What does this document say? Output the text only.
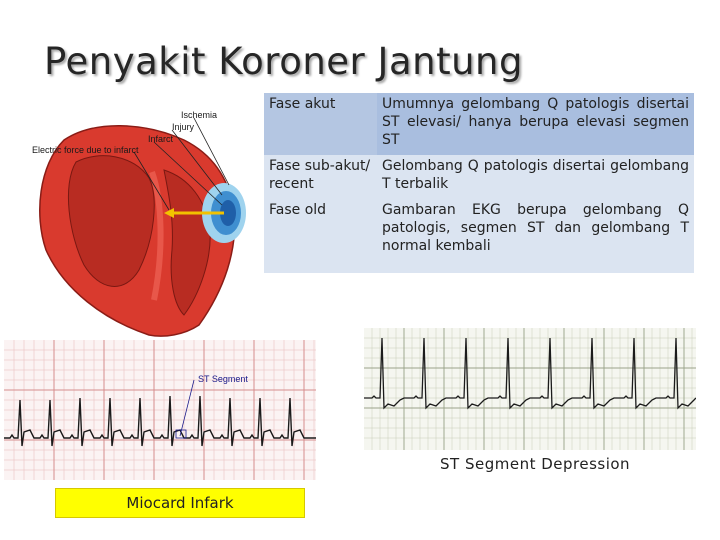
Penyakit Koroner Jantung
Ischemia
Injury
Infarct
Electric force due to infarct
Fase akut	Umumnya gelombang Q patologis disertai ST elevasi/ hanya berupa elevasi segmen ST
Fase sub-akut/ recent	Gelombang Q patologis disertai gelombang T terbalik
Fase old	Gambaran EKG berupa gelombang Q patologis, segmen ST dan gelombang T normal kembali
ST Segment
ST Segment Depression
Miocard Infark
